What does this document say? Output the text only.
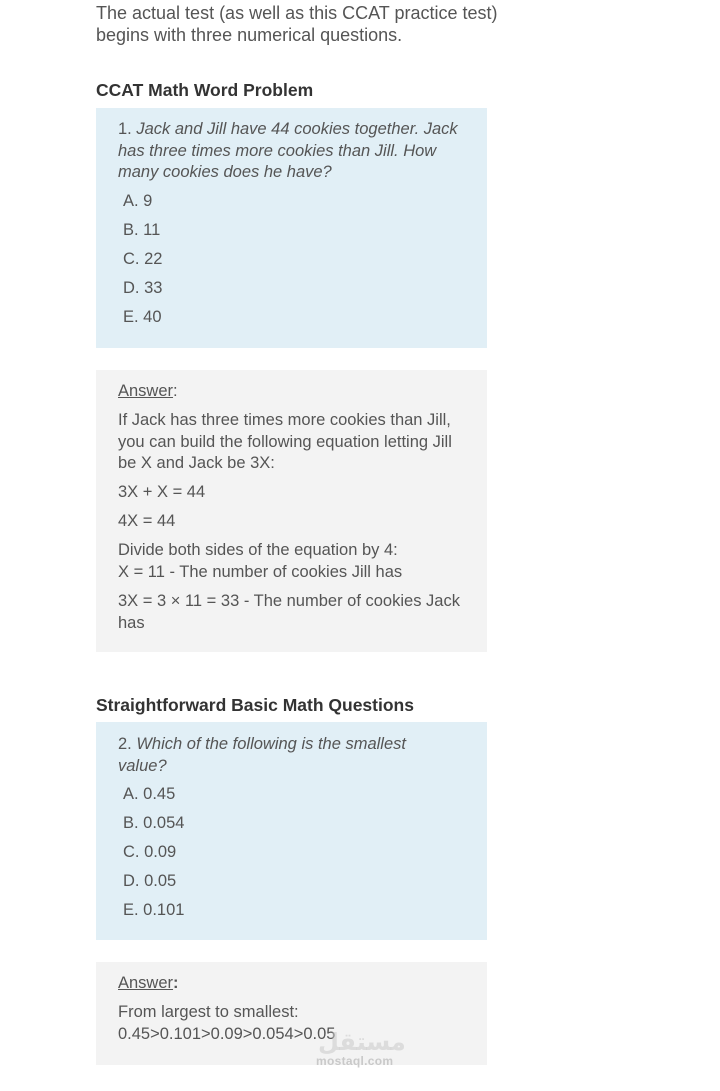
The actual test (as well as this CCAT practice test) begins with three numerical questions.

CCAT Math Word Problem

1. Jack and Jill have 44 cookies together. Jack has three times more cookies than Jill. How many cookies does he have?

A. 9

B. 11

C. 22

D. 33

E. 40

Answer:

If Jack has three times more cookies than Jill, you can build the following equation letting Jill be X and Jack be 3X:

3X + X = 44

4X = 44

Divide both sides of the equation by 4:

X = 11 - The number of cookies Jill has

3X = 3 × 11 = 33 - The number of cookies Jack has

Straightforward Basic Math Questions

2. Which of the following is the smallest value?

A. 0.45

B. 0.054

C. 0.09

D. 0.05

E. 0.101

Answer:

From largest to smallest:

0.45>0.101>0.09>0.054>0.05

مستقل
mostaql.com
